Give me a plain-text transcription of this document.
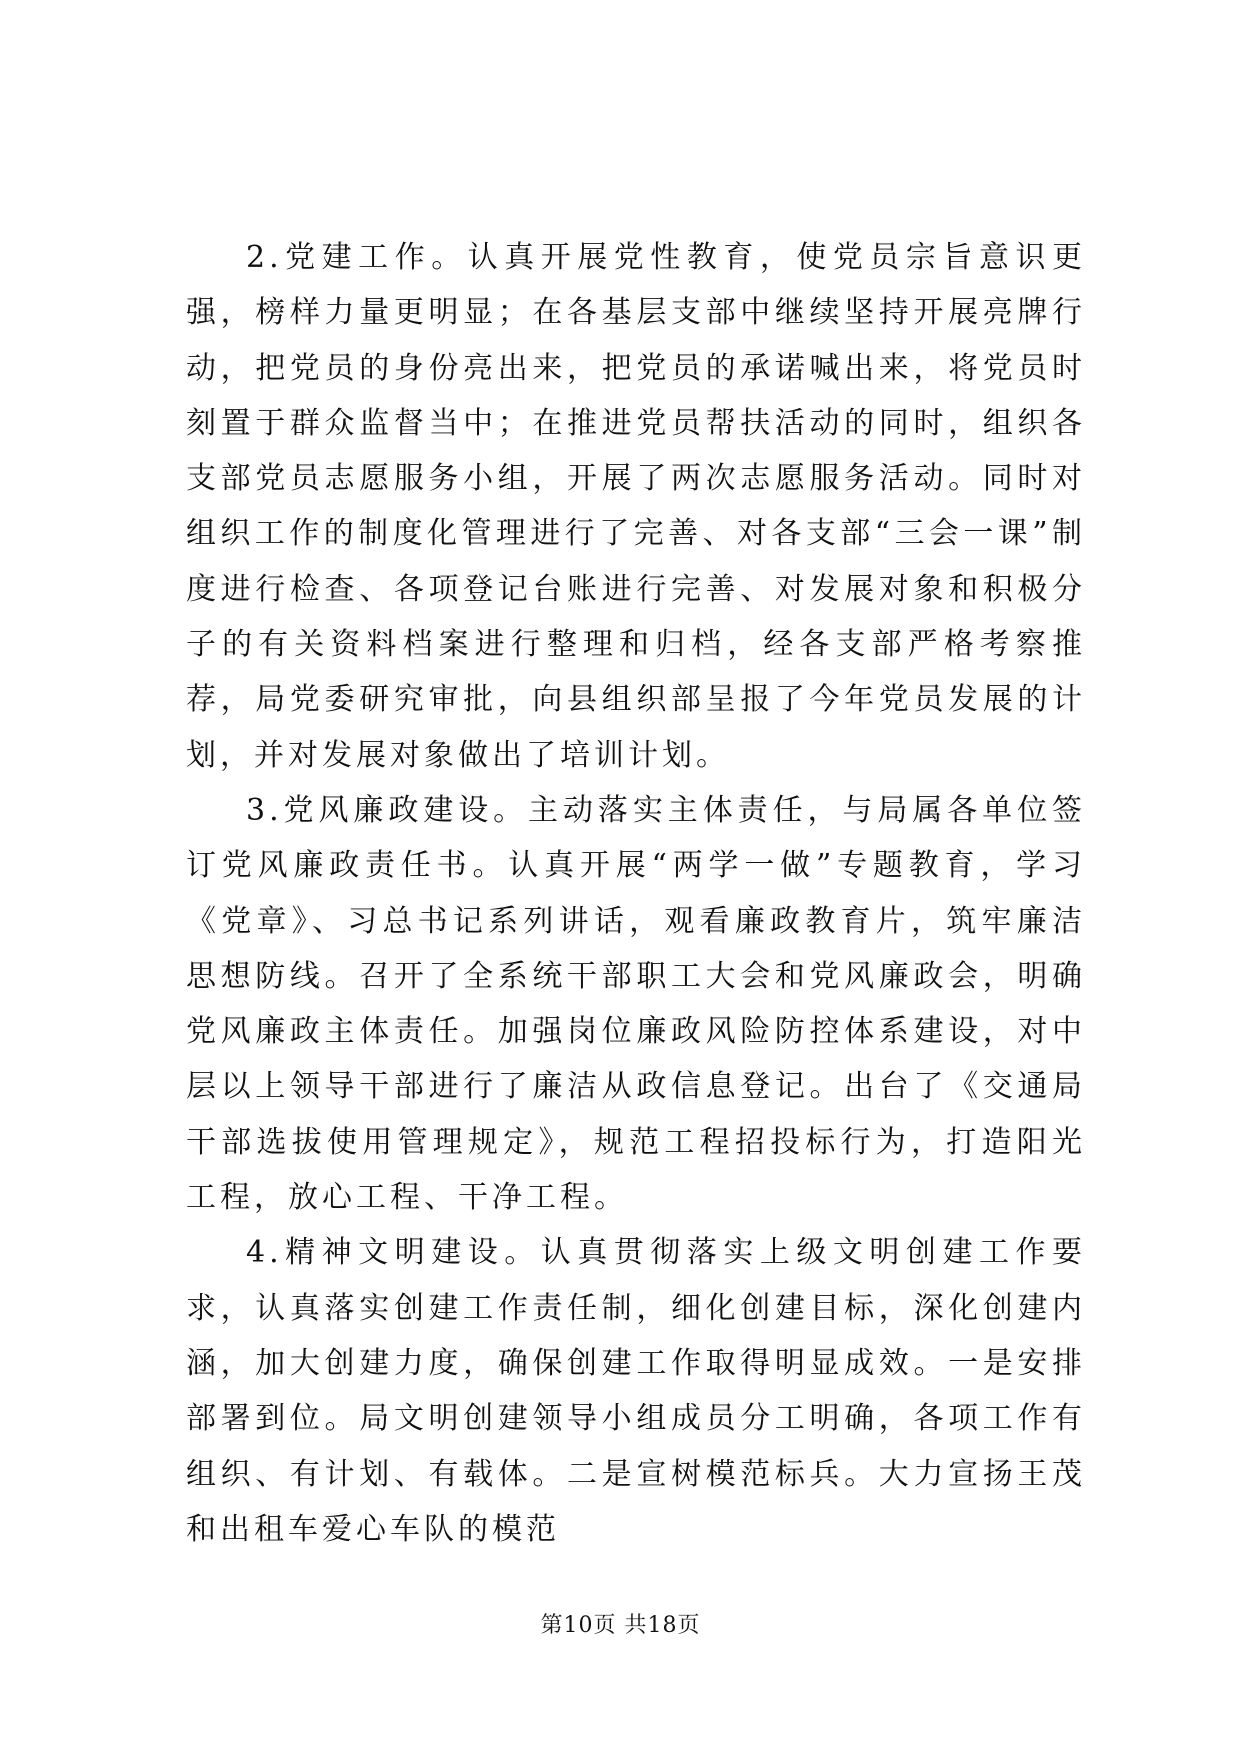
2.党建工作。认真开展党性教育，使党员宗旨意识更强，榜样力量更明显；在各基层支部中继续坚持开展亮牌行动，把党员的身份亮出来，把党员的承诺喊出来，将党员时刻置于群众监督当中；在推进党员帮扶活动的同时，组织各支部党员志愿服务小组，开展了两次志愿服务活动。同时对组织工作的制度化管理进行了完善、对各支部“三会一课”制度进行检查、各项登记台账进行完善、对发展对象和积极分子的有关资料档案进行整理和归档，经各支部严格考察推荐，局党委研究审批，向县组织部呈报了今年党员发展的计划，并对发展对象做出了培训计划。

3.党风廉政建设。主动落实主体责任，与局属各单位签订党风廉政责任书。认真开展“两学一做”专题教育，学习《党章》、习总书记系列讲话，观看廉政教育片，筑牢廉洁思想防线。召开了全系统干部职工大会和党风廉政会，明确党风廉政主体责任。加强岗位廉政风险防控体系建设，对中层以上领导干部进行了廉洁从政信息登记。出台了《交通局干部选拔使用管理规定》，规范工程招投标行为，打造阳光工程，放心工程、干净工程。

4.精神文明建设。认真贯彻落实上级文明创建工作要求，认真落实创建工作责任制，细化创建目标，深化创建内涵，加大创建力度，确保创建工作取得明显成效。一是安排部署到位。局文明创建领导小组成员分工明确，各项工作有组织、有计划、有载体。二是宣树模范标兵。大力宣扬王茂和出租车爱心车队的模范

第10页 共18页
